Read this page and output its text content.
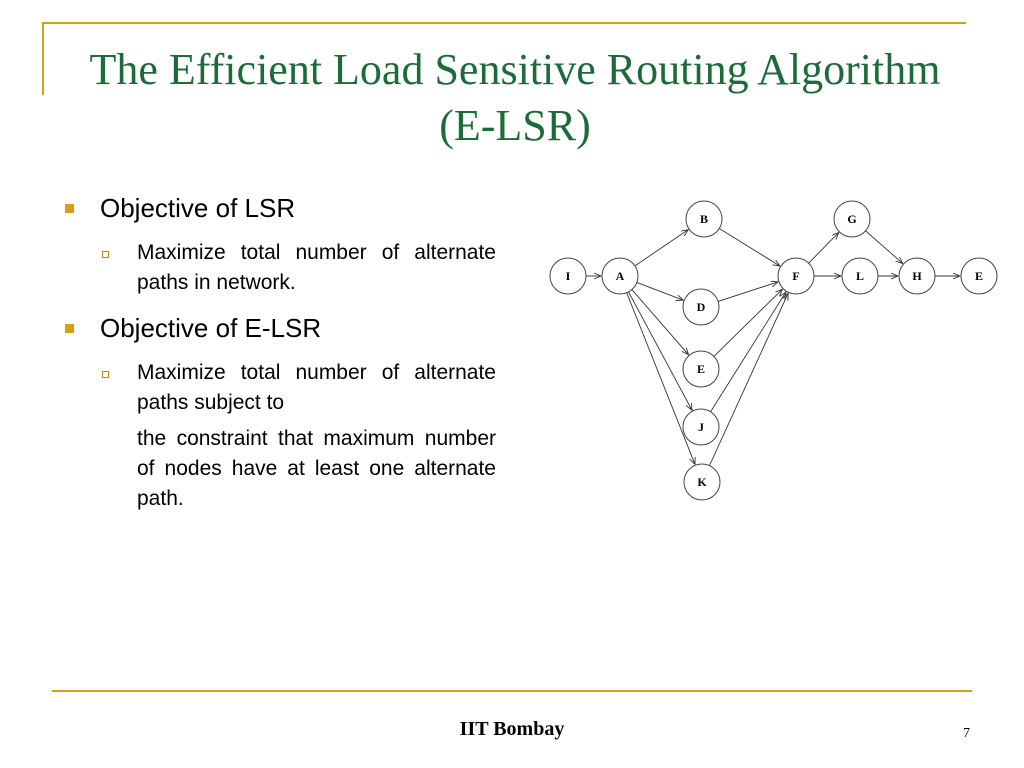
The Efficient Load Sensitive Routing Algorithm (E-LSR)
Objective of LSR
Maximize total number of alternate paths in network.
Objective of E-LSR
Maximize total number of alternate paths subject to
the constraint that maximum number of nodes have at least one alternate path.
I	A
B
D
E
J
K
F
G
L	H	E
IIT Bombay	7
